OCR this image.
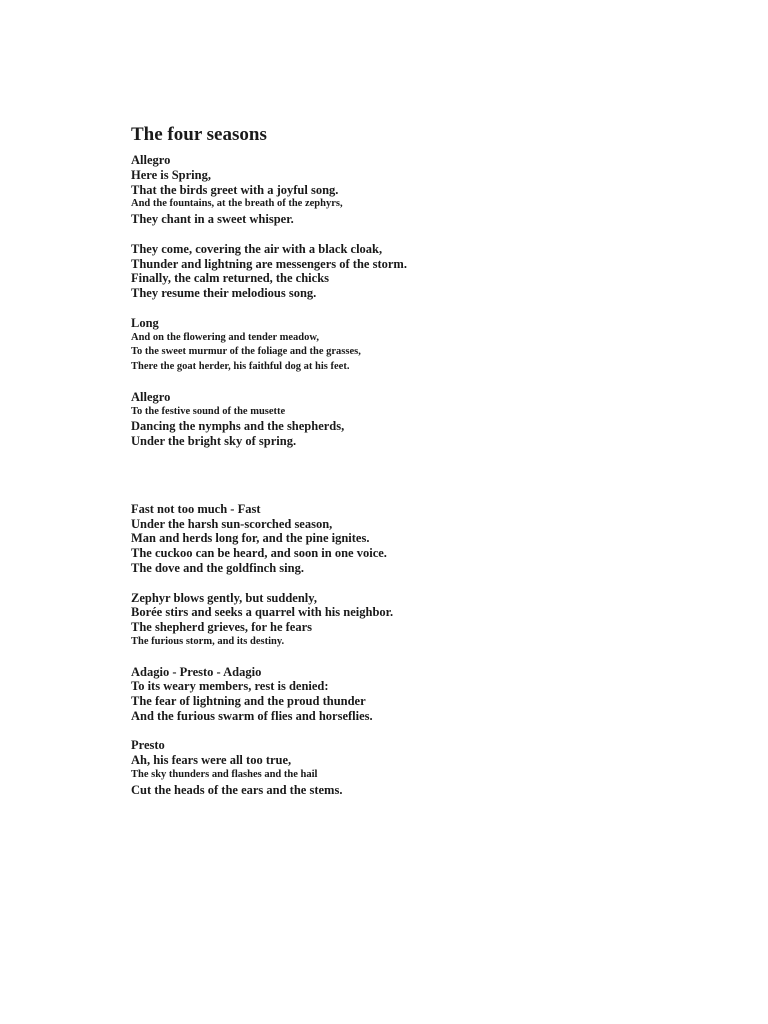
The four seasons
Allegro
Here is Spring,
That the birds greet with a joyful song.
And the fountains, at the breath of the zephyrs,
They chant in a sweet whisper.
They come, covering the air with a black cloak,
Thunder and lightning are messengers of the storm.
Finally, the calm returned, the chicks
They resume their melodious song.
Long
And on the flowering and tender meadow,
To the sweet murmur of the foliage and the grasses,
There the goat herder, his faithful dog at his feet.
Allegro
To the festive sound of the musette
Dancing the nymphs and the shepherds,
Under the bright sky of spring.
Fast not too much - Fast
Under the harsh sun-scorched season,
Man and herds long for, and the pine ignites.
The cuckoo can be heard, and soon in one voice.
The dove and the goldfinch sing.
Zephyr blows gently, but suddenly,
Borée stirs and seeks a quarrel with his neighbor.
The shepherd grieves, for he fears
The furious storm, and its destiny.
Adagio - Presto - Adagio
To its weary members, rest is denied:
The fear of lightning and the proud thunder
And the furious swarm of flies and horseflies.
Presto
Ah, his fears were all too true,
The sky thunders and flashes and the hail
Cut the heads of the ears and the stems.
